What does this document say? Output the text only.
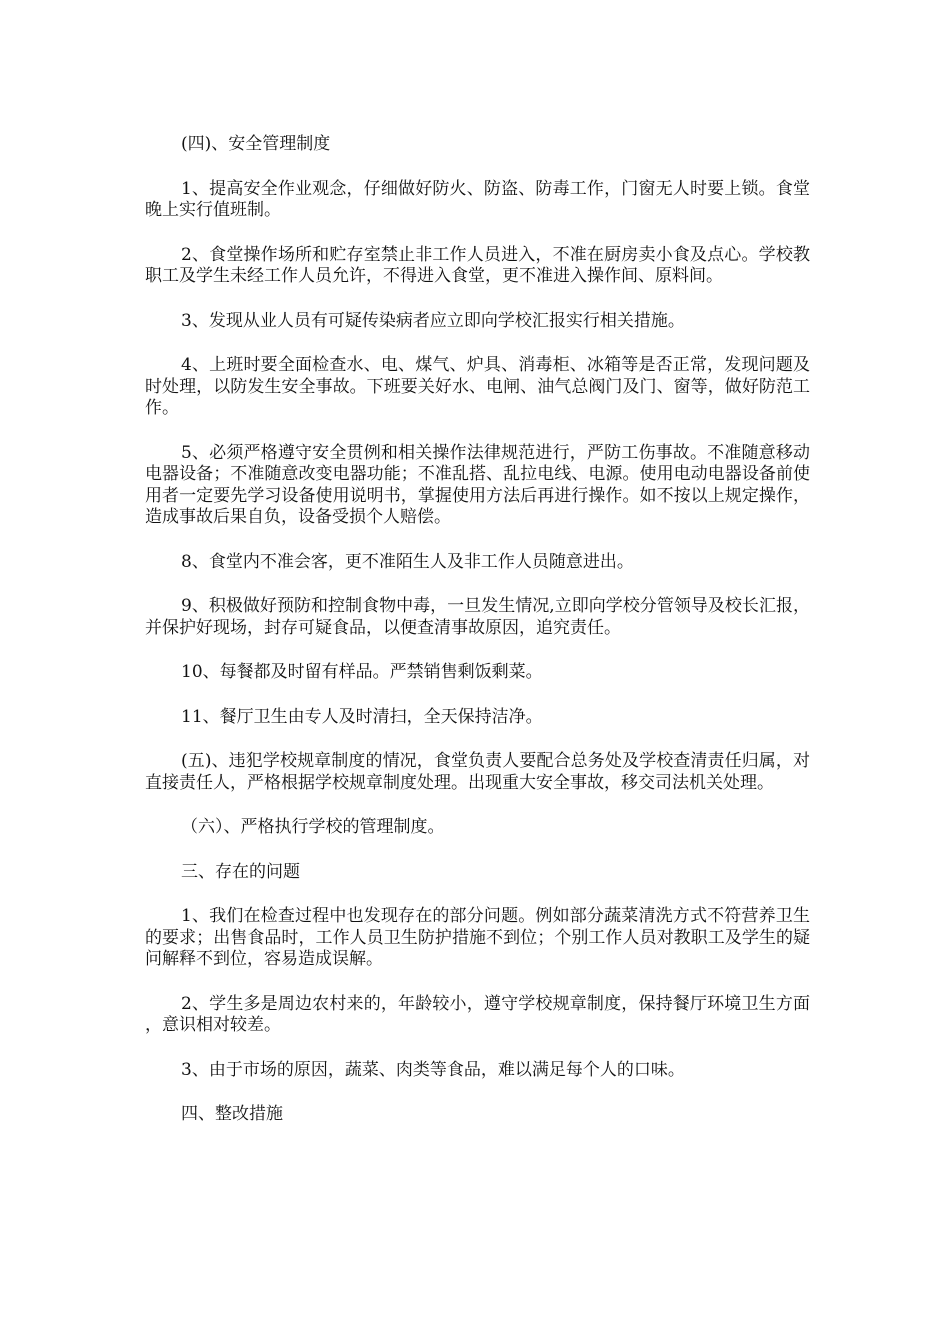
(四)、安全管理制度

1、提高安全作业观念，仔细做好防火、防盗、防毒工作，门窗无人时要上锁。食堂晚上实行值班制。

2、食堂操作场所和贮存室禁止非工作人员进入，不准在厨房卖小食及点心。学校教职工及学生未经工作人员允许，不得进入食堂，更不准进入操作间、原料间。

3、发现从业人员有可疑传染病者应立即向学校汇报实行相关措施。

4、上班时要全面检查水、电、煤气、炉具、消毒柜、冰箱等是否正常，发现问题及时处理，以防发生安全事故。下班要关好水、电闸、油气总阀门及门、窗等，做好防范工作。

5、必须严格遵守安全贯例和相关操作法律规范进行，严防工伤事故。不准随意移动电器设备；不准随意改变电器功能；不准乱搭、乱拉电线、电源。使用电动电器设备前使用者一定要先学习设备使用说明书，掌握使用方法后再进行操作。如不按以上规定操作，造成事故后果自负，设备受损个人赔偿。

8、食堂内不准会客，更不准陌生人及非工作人员随意进出。

9、积极做好预防和控制食物中毒，一旦发生情况,立即向学校分管领导及校长汇报，并保护好现场，封存可疑食品，以便查清事故原因，追究责任。

10、每餐都及时留有样品。严禁销售剩饭剩菜。

11、餐厅卫生由专人及时清扫，全天保持洁净。

(五)、违犯学校规章制度的情况，食堂负责人要配合总务处及学校查清责任归属，对直接责任人，严格根据学校规章制度处理。出现重大安全事故，移交司法机关处理。

（六）、严格执行学校的管理制度。

三、存在的问题

1、我们在检查过程中也发现存在的部分问题。例如部分蔬菜清洗方式不符营养卫生的要求；出售食品时，工作人员卫生防护措施不到位；个别工作人员对教职工及学生的疑问解释不到位，容易造成误解。

2、学生多是周边农村来的，年龄较小，遵守学校规章制度，保持餐厅环境卫生方面，意识相对较差。

3、由于市场的原因，蔬菜、肉类等食品，难以满足每个人的口味。

四、整改措施
